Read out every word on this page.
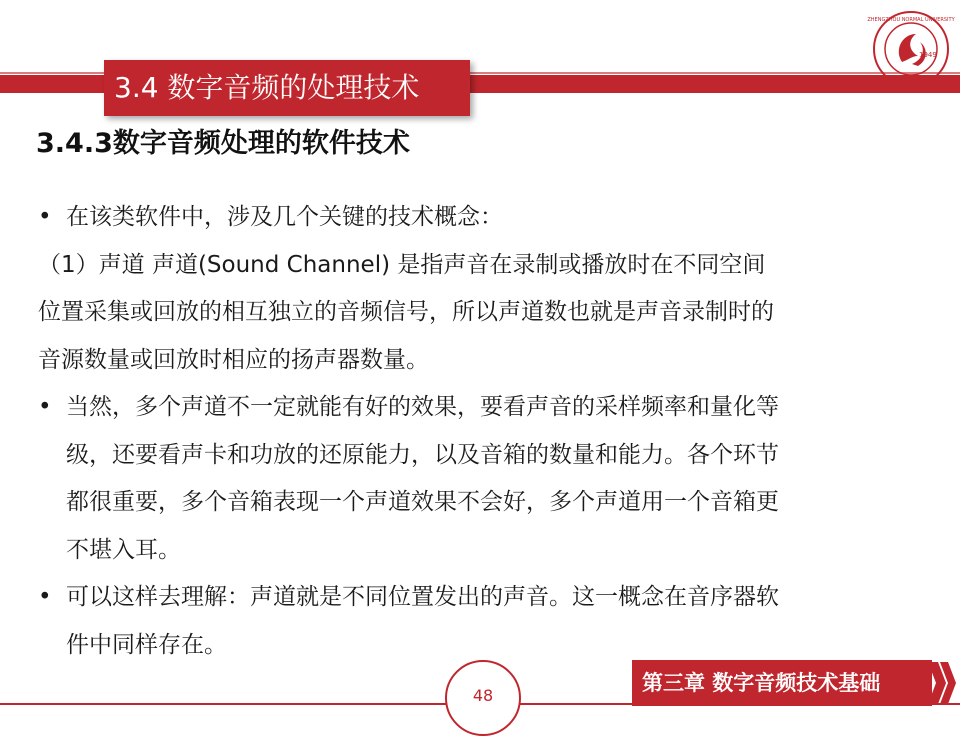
3.4 数字音频的处理技术
1949
ZHENGZHOU NORMAL UNIVERSITY
3.4.3数字音频处理的软件技术
• 在该类软件中，涉及几个关键的技术概念：
（1）声道 声道(Sound Channel) 是指声音在录制或播放时在不同空间
位置采集或回放的相互独立的音频信号，所以声道数也就是声音录制时的
音源数量或回放时相应的扬声器数量。
• 当然，多个声道不一定就能有好的效果，要看声音的采样频率和量化等
级，还要看声卡和功放的还原能力，以及音箱的数量和能力。各个环节
都很重要，多个音箱表现一个声道效果不会好，多个声道用一个音箱更
不堪入耳。
• 可以这样去理解：声道就是不同位置发出的声音。这一概念在音序器软
件中同样存在。
48
第三章 数字音频技术基础
